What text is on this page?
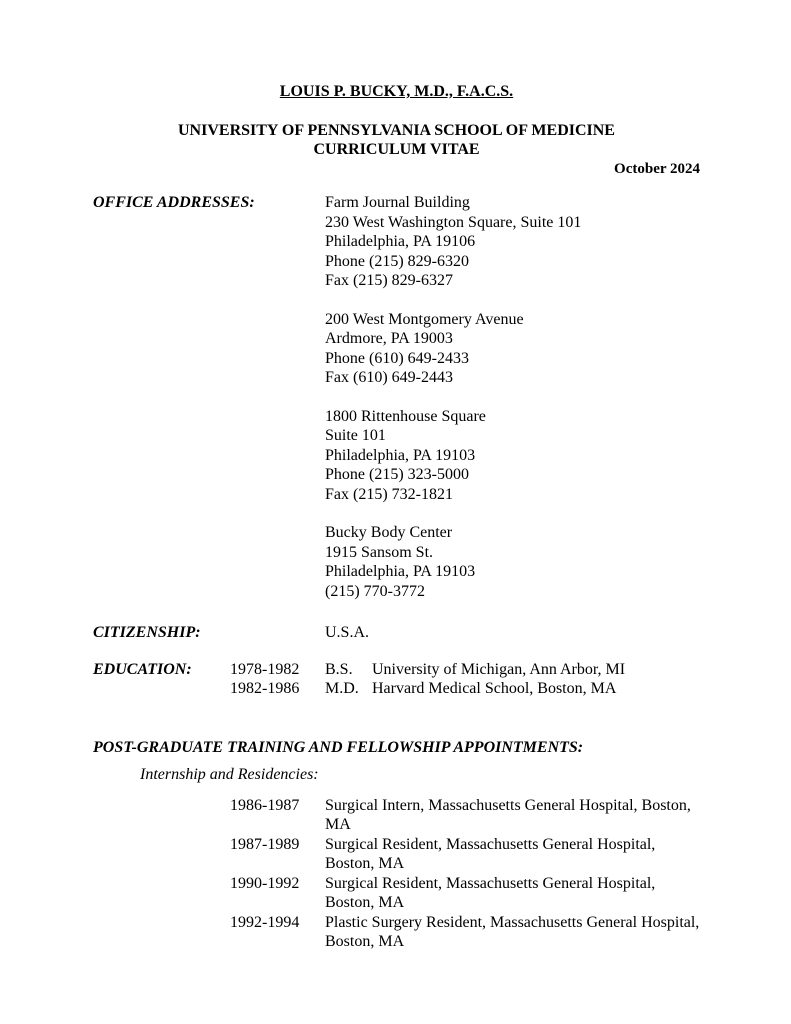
LOUIS P. BUCKY, M.D., F.A.C.S.
UNIVERSITY OF PENNSYLVANIA SCHOOL OF MEDICINE
CURRICULUM VITAE
October 2024
OFFICE ADDRESSES:	Farm Journal Building
230 West Washington Square, Suite 101
Philadelphia, PA 19106
Phone (215) 829-6320
Fax (215) 829-6327
200 West Montgomery Avenue
Ardmore, PA 19003
Phone (610) 649-2433
Fax (610) 649-2443
1800 Rittenhouse Square
Suite 101
Philadelphia, PA 19103
Phone (215) 323-5000
Fax (215) 732-1821
Bucky Body Center
1915 Sansom St.
Philadelphia, PA 19103
(215) 770-3772
CITIZENSHIP:	U.S.A.
EDUCATION:	1978-1982	B.S.	University of Michigan, Ann Arbor, MI
1982-1986	M.D. Harvard Medical School, Boston, MA
POST-GRADUATE TRAINING AND FELLOWSHIP APPOINTMENTS:
Internship and Residencies:
1986-1987	Surgical Intern, Massachusetts General Hospital, Boston, MA
1987-1989	Surgical Resident, Massachusetts General Hospital,
Boston, MA
1990-1992	Surgical Resident, Massachusetts General Hospital,
Boston, MA
1992-1994	Plastic Surgery Resident, Massachusetts General Hospital,
Boston, MA
